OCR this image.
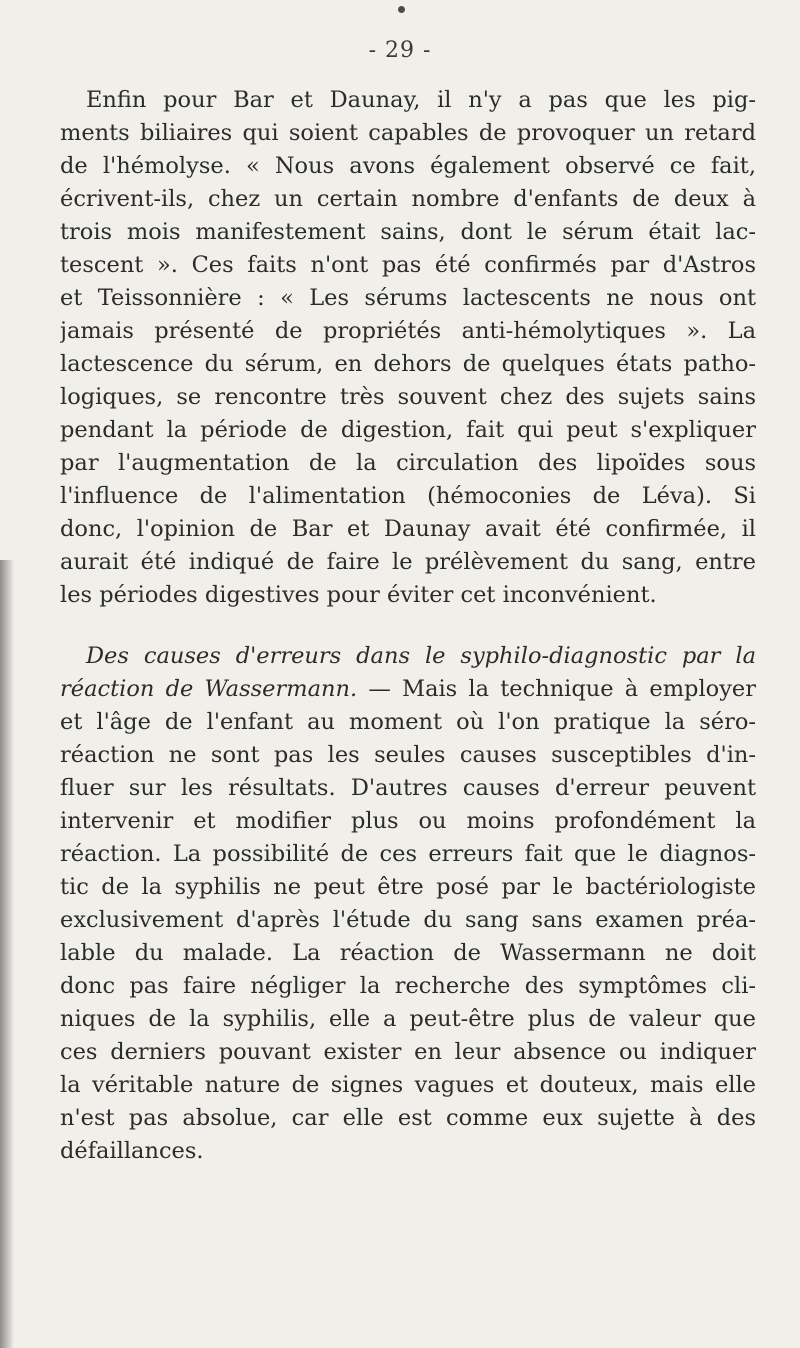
- 29 -
Enfin pour Bar et Daunay, il n'y a pas que les pig-
ments biliaires qui soient capables de provoquer un retard
de l'hémolyse. « Nous avons également observé ce fait,
écrivent-ils, chez un certain nombre d'enfants de deux à
trois mois manifestement sains, dont le sérum était lac-
tescent ». Ces faits n'ont pas été confirmés par d'Astros
et Teissonnière : « Les sérums lactescents ne nous ont
jamais présenté de propriétés anti-hémolytiques ». La
lactescence du sérum, en dehors de quelques états patho-
logiques, se rencontre très souvent chez des sujets sains
pendant la période de digestion, fait qui peut s'expliquer
par l'augmentation de la circulation des lipoïdes sous
l'influence de l'alimentation (hémoconies de Léva). Si
donc, l'opinion de Bar et Daunay avait été confirmée, il
aurait été indiqué de faire le prélèvement du sang, entre
les périodes digestives pour éviter cet inconvénient.
Des causes d'erreurs dans le syphilo-diagnostic par la
réaction de Wassermann. — Mais la technique à employer
et l'âge de l'enfant au moment où l'on pratique la séro-
réaction ne sont pas les seules causes susceptibles d'in-
fluer sur les résultats. D'autres causes d'erreur peuvent
intervenir et modifier plus ou moins profondément la
réaction. La possibilité de ces erreurs fait que le diagnos-
tic de la syphilis ne peut être posé par le bactériologiste
exclusivement d'après l'étude du sang sans examen préa-
lable du malade. La réaction de Wassermann ne doit
donc pas faire négliger la recherche des symptômes cli-
niques de la syphilis, elle a peut-être plus de valeur que
ces derniers pouvant exister en leur absence ou indiquer
la véritable nature de signes vagues et douteux, mais elle
n'est pas absolue, car elle est comme eux sujette à des
défaillances.
